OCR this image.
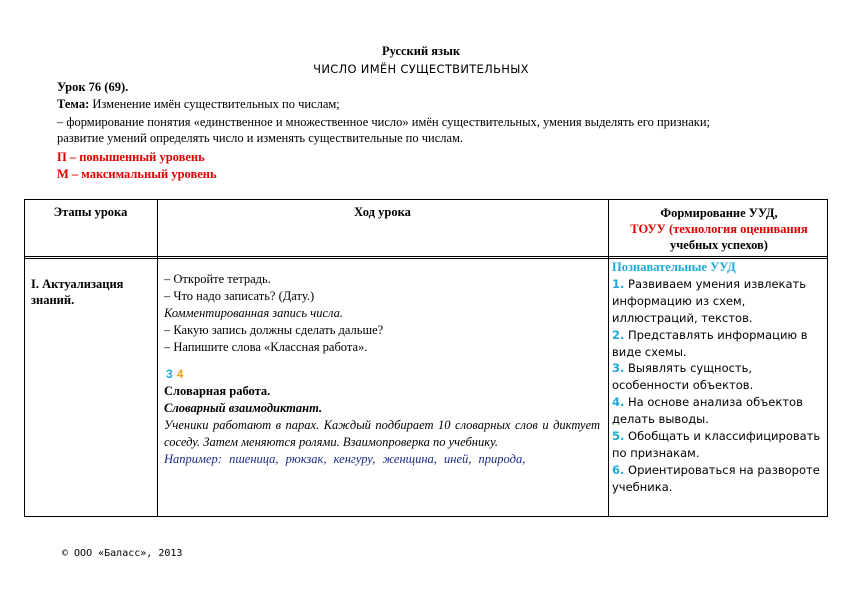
Русский язык
ЧИСЛО ИМЁН СУЩЕСТВИТЕЛЬНЫХ
Урок 76 (69).
Тема: Изменение имён существительных по числам;
– формирование понятия «единственное и множественное число» имён существительных, умения выделять его признаки;
развитие умений определять число и изменять существительные по числам.
П – повышенный уровень
М – максимальный уровень
Этапы урока	Ход урока	Формирование УУД,
ТОУУ (технология оценивания
учебных успехов)
I. Актуализация
знаний.
– Откройте тетрадь.
– Что надо записать? (Дату.)
Комментированная запись числа.
– Какую запись должны сделать дальше?
– Напишите слова «Классная работа».
3 4
Словарная работа.
Словарный взаимодиктант.
Ученики работают в парах. Каждый подбирает 10 словарных слов и диктует соседу. Затем меняются ролями. Взаимопроверка по учебнику.
Например: пшеница, рюкзак, кенгуру, женщина, иней, природа,
Познавательные УУД
1. Развиваем умения извлекать информацию из схем, иллюстраций, текстов.
2. Представлять информацию в виде схемы.
3. Выявлять сущность, особенности объектов.
4. На основе анализа объектов делать выводы.
5. Обобщать и классифицировать по признакам.
6. Ориентироваться на развороте учебника.
© ООО «Баласс», 2013
